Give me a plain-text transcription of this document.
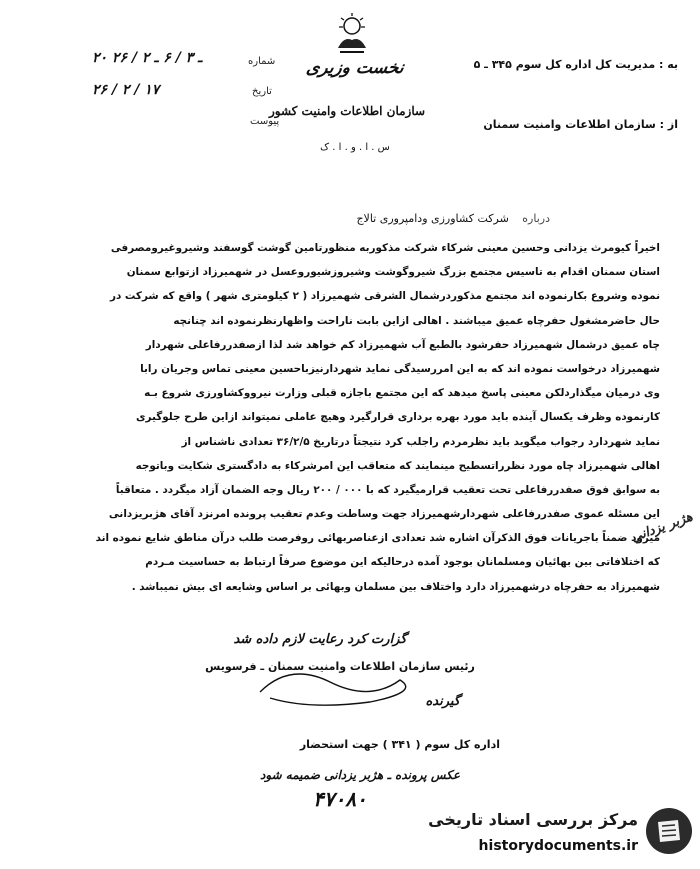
نخست وزیری
سازمان اطلاعات وامنیت کشور
س . ا . و . ا . ک
شماره
۲۰ ـ ۳ / ۶ ـ ۲ / ۲۶
تاریخ
۲۶ / ۲ / ۱۷
پیوست
به : مدیریت کل اداره کل سوم ۳۴۵ ـ ۵
از : سازمان اطلاعات وامنیت سمنان
درباره شرکت کشاورزی ودامپروری تالاج
اخیراً کیومرث یزدانی وحسین معینی شرکاء شرکت مذکوربه منظورتامین گوشت گوسفند وشیروغیرومصرفی
استان سمنان اقدام به تاسیس مجتمع بزرگ شیروگوشت وشیروزشیوروعسل در شهمیرزاد ازتوابع سمنان
نموده وشروع بکارنموده اند مجتمع مذکوردرشمال الشرقی شهمیرزاد ( ۲ کیلومتری شهر ) واقع که شرکت در
حال حاضرمشغول حفرچاه عمیق میباشند . اهالی ازاین بابت ناراحت واظهارنظرنموده اند چنانچه
چاه عمیق درشمال شهمیرزاد حفرشود بالطبع آب شهمیرزاد کم خواهد شد لذا ازصفدررفاعلی شهردار
شهمیرزاد درخواست نموده اند که به این امررسیدگی نماید شهردارنیزباحسین معینی تماس وجریان رابا
وی درمیان میگذاردلکن معینی پاسخ میدهد که این مجتمع باجازه قبلی وزارت نیرووکشاورزی شروع بـه
کارنموده وظرف یکسال آینده باید مورد بهره برداری قرارگیرد وهیچ عاملی نمیتواند ازاین طرح جلوگیری
نماید شهردارد رجواب میگوید باید نظرمردم راجلب کرد نتیجتاً درتاریخ ۳۶/۲/۵ تعدادی ناشناس از
اهالی شهمیرزاد چاه مورد نظرراتسطیح مینمایند که متعاقب این امرشرکاء به دادگستری شکایت وباتوجه
به سوابق فوق صفدررفاعلی تحت تعقیب قرارمیگیرد که با ۰۰۰ / ۲۰۰ ریال وجه الضمان آزاد میگردد . متعاقباً
این مسئله عموی صفدررفاعلی شهردارشهمیرزاد جهت وساطت وعدم تعقیب پرونده امرنزد آقای هژبریزدانی
میرود ضمناً باجریانات فوق الذکرآن اشاره شد تعدادی ازعناصربهائی روفرصت طلب درآن مناطق شایع نموده اند
که اختلافاتی بین بهائیان ومسلمانان بوجود آمده درحالیکه این موضوع صرفاً ارتباط به حساسیت مـردم
شهمیرزاد به حفرچاه درشهمیرزاد دارد واختلاف بین مسلمان وبهائی بر اساس وشایعه ای بیش نمیباشد .
گزارت کرد رعایت لازم داده شد
رئیس سازمان اطلاعات وامنیت سمنان ـ فرسویس
گیرنده
اداره کل سوم ( ۳۴۱ ) جهت استحضار
عکس پرونده ـ هژبر یزدانی ضمیمه شود
۴۷۰۸۰
هژبر یزدانی
مرکز بررسی اسناد تاریخی
historydocuments.ir
